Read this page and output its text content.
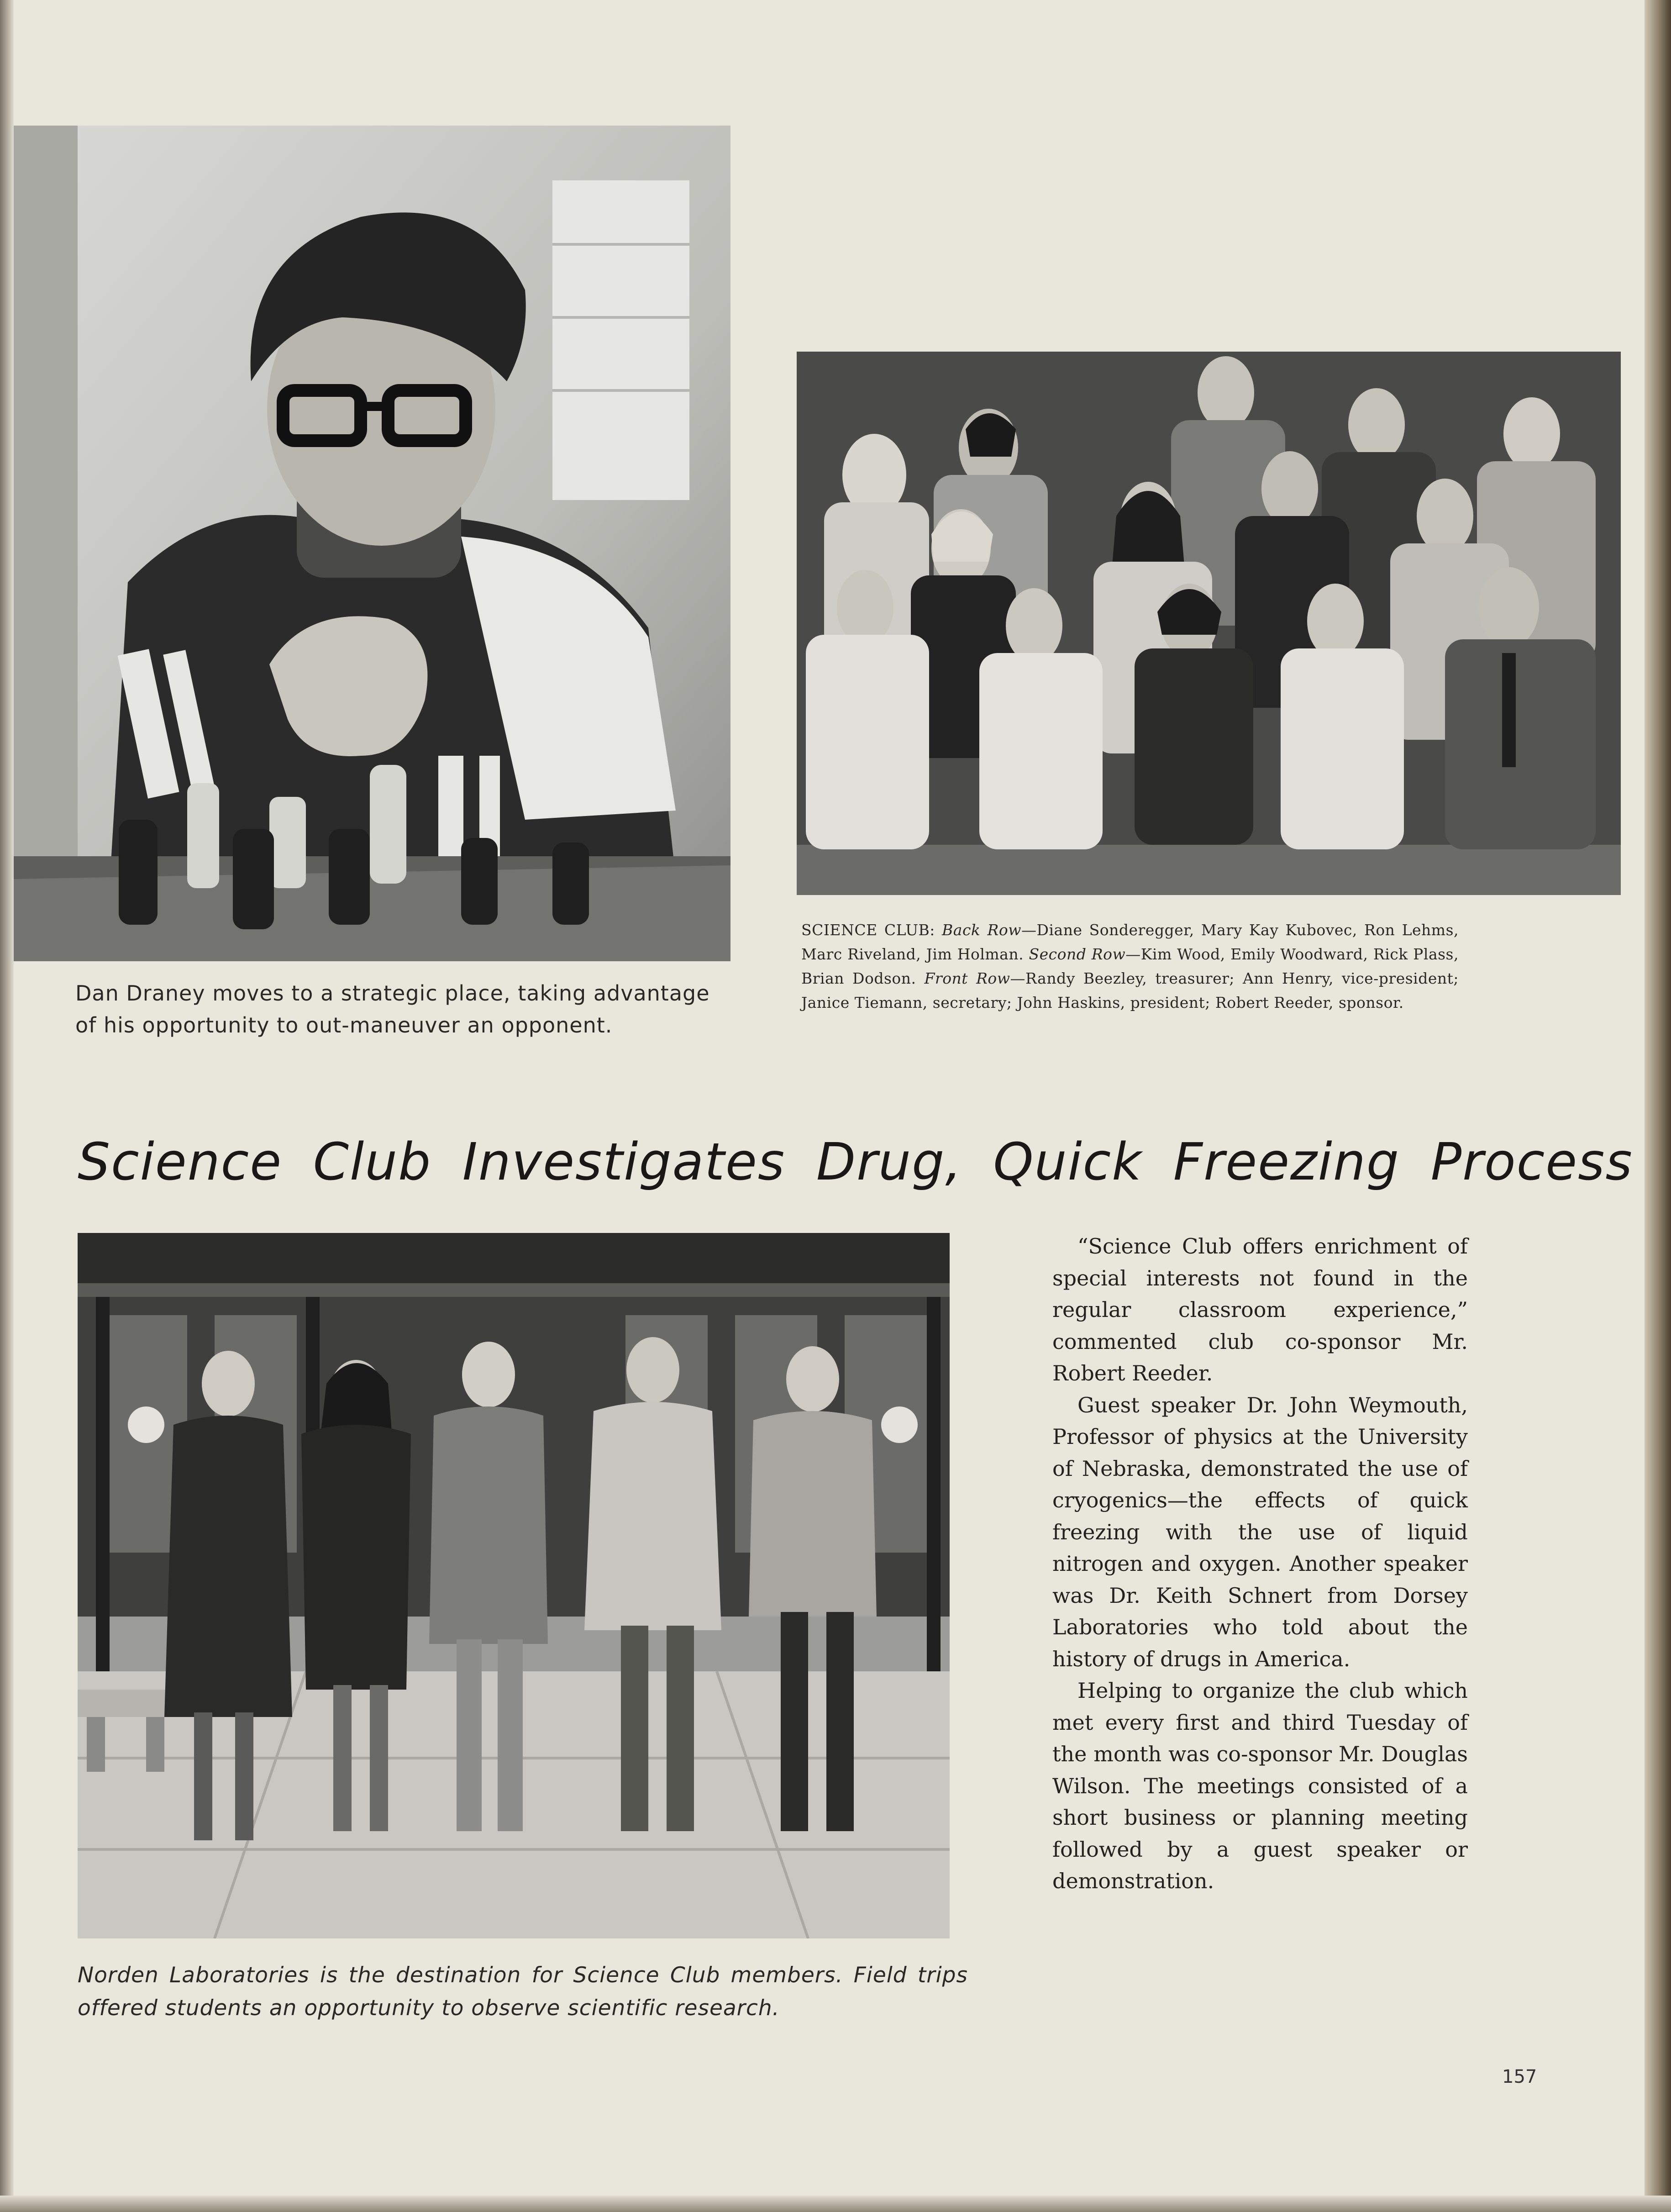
Dan Draney moves to a strategic place, taking advantage of his opportunity to out-maneuver an opponent.

SCIENCE CLUB: Back Row—Diane Sonderegger, Mary Kay Kubovec, Ron Lehms, Marc Riveland, Jim Holman. Second Row—Kim Wood, Emily Woodward, Rick Plass, Brian Dodson. Front Row—Randy Beezley, treasurer; Ann Henry, vice-president; Janice Tiemann, secretary; John Haskins, president; Robert Reeder, sponsor.

Science Club Investigates Drug, Quick Freezing Process

“Science Club offers enrichment of special interests not found in the regular classroom experience,” commented club co-sponsor Mr. Robert Reeder.

Guest speaker Dr. John Weymouth, Professor of physics at the University of Nebraska, demonstrated the use of cryogenics—the effects of quick freezing with the use of liquid nitrogen and oxygen. Another speaker was Dr. Keith Schnert from Dorsey Laboratories who told about the history of drugs in America.

Helping to organize the club which met every first and third Tuesday of the month was co-sponsor Mr. Douglas Wilson. The meetings consisted of a short business or planning meeting followed by a guest speaker or demonstration.

Norden Laboratories is the destination for Science Club members. Field trips offered students an opportunity to observe scientific research.

157
